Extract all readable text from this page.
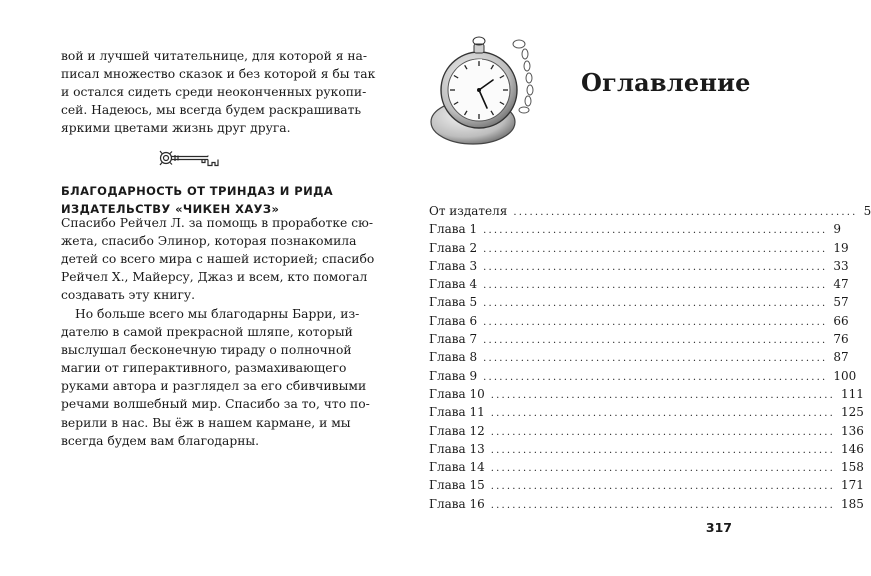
вой и лучшей читательнице, для которой я на-
писал множество сказок и без которой я бы так
и остался сидеть среди неоконченных рукопи-
сей. Надеюсь, мы всегда будем раскрашивать
яркими цветами жизнь друг друга.
БЛАГОДАРНОСТЬ ОТ ТРИНДАЗ И РИДА
ИЗДАТЕЛЬСТВУ «ЧИКЕН ХАУЗ»
Спасибо Рейчел Л. за помощь в проработке сю-
жета, спасибо Элинор, которая познакомила
детей со всего мира с нашей историей; спасибо
Рейчел Х., Майерсу, Джаз и всем, кто помогал
создавать эту книгу.
Но больше всего мы благодарны Барри, из-
дателю в самой прекрасной шляпе, который
выслушал бесконечную тираду о полночной
магии от гиперактивного, размахивающего
руками автора и разглядел за его сбивчивыми
речами волшебный мир. Спасибо за то, что по-
верили в нас. Вы ёж в нашем кармане, и мы
всегда будем вам благодарны.
Оглавление
От издателя ................................................................ 5
Глава 1 ................................................................ 9
Глава 2 ................................................................ 19
Глава 3 ................................................................ 33
Глава 4 ................................................................ 47
Глава 5 ................................................................ 57
Глава 6 ................................................................ 66
Глава 7 ................................................................ 76
Глава 8 ................................................................ 87
Глава 9 ................................................................ 100
Глава 10 ................................................................ 111
Глава 11 ................................................................ 125
Глава 12 ................................................................ 136
Глава 13 ................................................................ 146
Глава 14 ................................................................ 158
Глава 15 ................................................................ 171
Глава 16 ................................................................ 185
317
